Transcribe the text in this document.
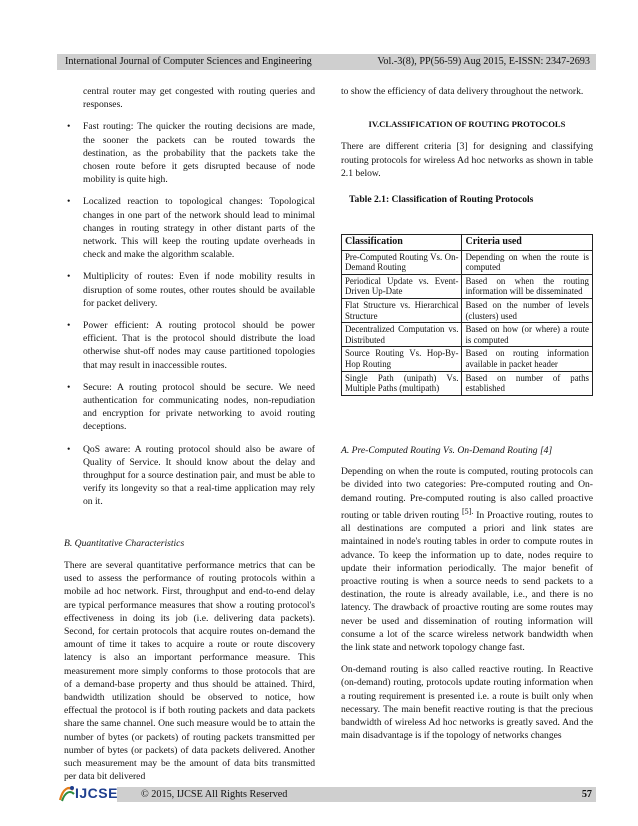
International Journal of Computer Sciences and Engineering	Vol.-3(8), PP(56-59) Aug 2015, E-ISSN: 2347-2693

central router may get congested with routing queries and responses.

• Fast routing: The quicker the routing decisions are made, the sooner the packets can be routed towards the destination, as the probability that the packets take the chosen route before it gets disrupted because of node mobility is quite high.
• Localized reaction to topological changes: Topological changes in one part of the network should lead to minimal changes in routing strategy in other distant parts of the network. This will keep the routing update overheads in check and make the algorithm scalable.
• Multiplicity of routes: Even if node mobility results in disruption of some routes, other routes should be available for packet delivery.
• Power efficient: A routing protocol should be power efficient. That is the protocol should distribute the load otherwise shut-off nodes may cause partitioned topologies that may result in inaccessible routes.
• Secure: A routing protocol should be secure. We need authentication for communicating nodes, non-repudiation and encryption for private networking to avoid routing deceptions.
• QoS aware: A routing protocol should also be aware of Quality of Service. It should know about the delay and throughput for a source destination pair, and must be able to verify its longevity so that a real-time application may rely on it.

B. Quantitative Characteristics

There are several quantitative performance metrics that can be used to assess the performance of routing protocols within a mobile ad hoc network. First, throughput and end-to-end delay are typical performance measures that show a routing protocol's effectiveness in doing its job (i.e. delivering data packets). Second, for certain protocols that acquire routes on-demand the amount of time it takes to acquire a route or route discovery latency is also an important performance measure. This measurement more simply conforms to those protocols that are of a demand-base property and thus should be attained. Third, bandwidth utilization should be observed to notice, how effectual the protocol is if both routing packets and data packets share the same channel. One such measure would be to attain the number of bytes (or packets) of routing packets transmitted per number of bytes (or packets) of data packets delivered. Another such measurement may be the amount of data bits transmitted per data bit delivered

to show the efficiency of data delivery throughout the network.

IV.CLASSIFICATION OF ROUTING PROTOCOLS

There are different criteria [3] for designing and classifying routing protocols for wireless Ad hoc networks as shown in table 2.1 below.

Table 2.1: Classification of Routing Protocols

Classification	Criteria used
Pre-Computed Routing Vs. On-Demand Routing	Depending on when the route is computed
Periodical Update vs. Event-Driven Up-Date	Based on when the routing information will be disseminated
Flat Structure vs. Hierarchical Structure	Based on the number of levels (clusters) used
Decentralized Computation vs. Distributed	Based on how (or where) a route is computed
Source Routing Vs. Hop-By-Hop Routing	Based on routing information available in packet header

Single Path (unipath) Vs. Multiple Paths (multipath)	Based on number of paths established

A. Pre-Computed Routing Vs. On-Demand Routing [4]

Depending on when the route is computed, routing protocols can be divided into two categories: Pre-computed routing and On-demand routing. Pre-computed routing is also called proactive routing or table driven routing $^{[5].}$ In Proactive routing, routes to all destinations are computed a priori and link states are maintained in node's routing tables in order to compute routes in advance. To keep the information up to date, nodes require to update their information periodically. The major benefit of proactive routing is when a source needs to send packets to a destination, the route is already available, i.e., and there is no latency. The drawback of proactive routing are some routes may never be used and dissemination of routing information will consume a lot of the scarce wireless network bandwidth when the link state and network topology change fast.

On-demand routing is also called reactive routing. In Reactive (on-demand) routing, protocols update routing information when a routing requirement is presented i.e. a route is built only when necessary. The main benefit reactive routing is that the precious bandwidth of wireless Ad hoc networks is greatly saved. And the main disadvantage is if the topology of networks changes

IJCSE © 2015, IJCSE All Rights Reserved	57
